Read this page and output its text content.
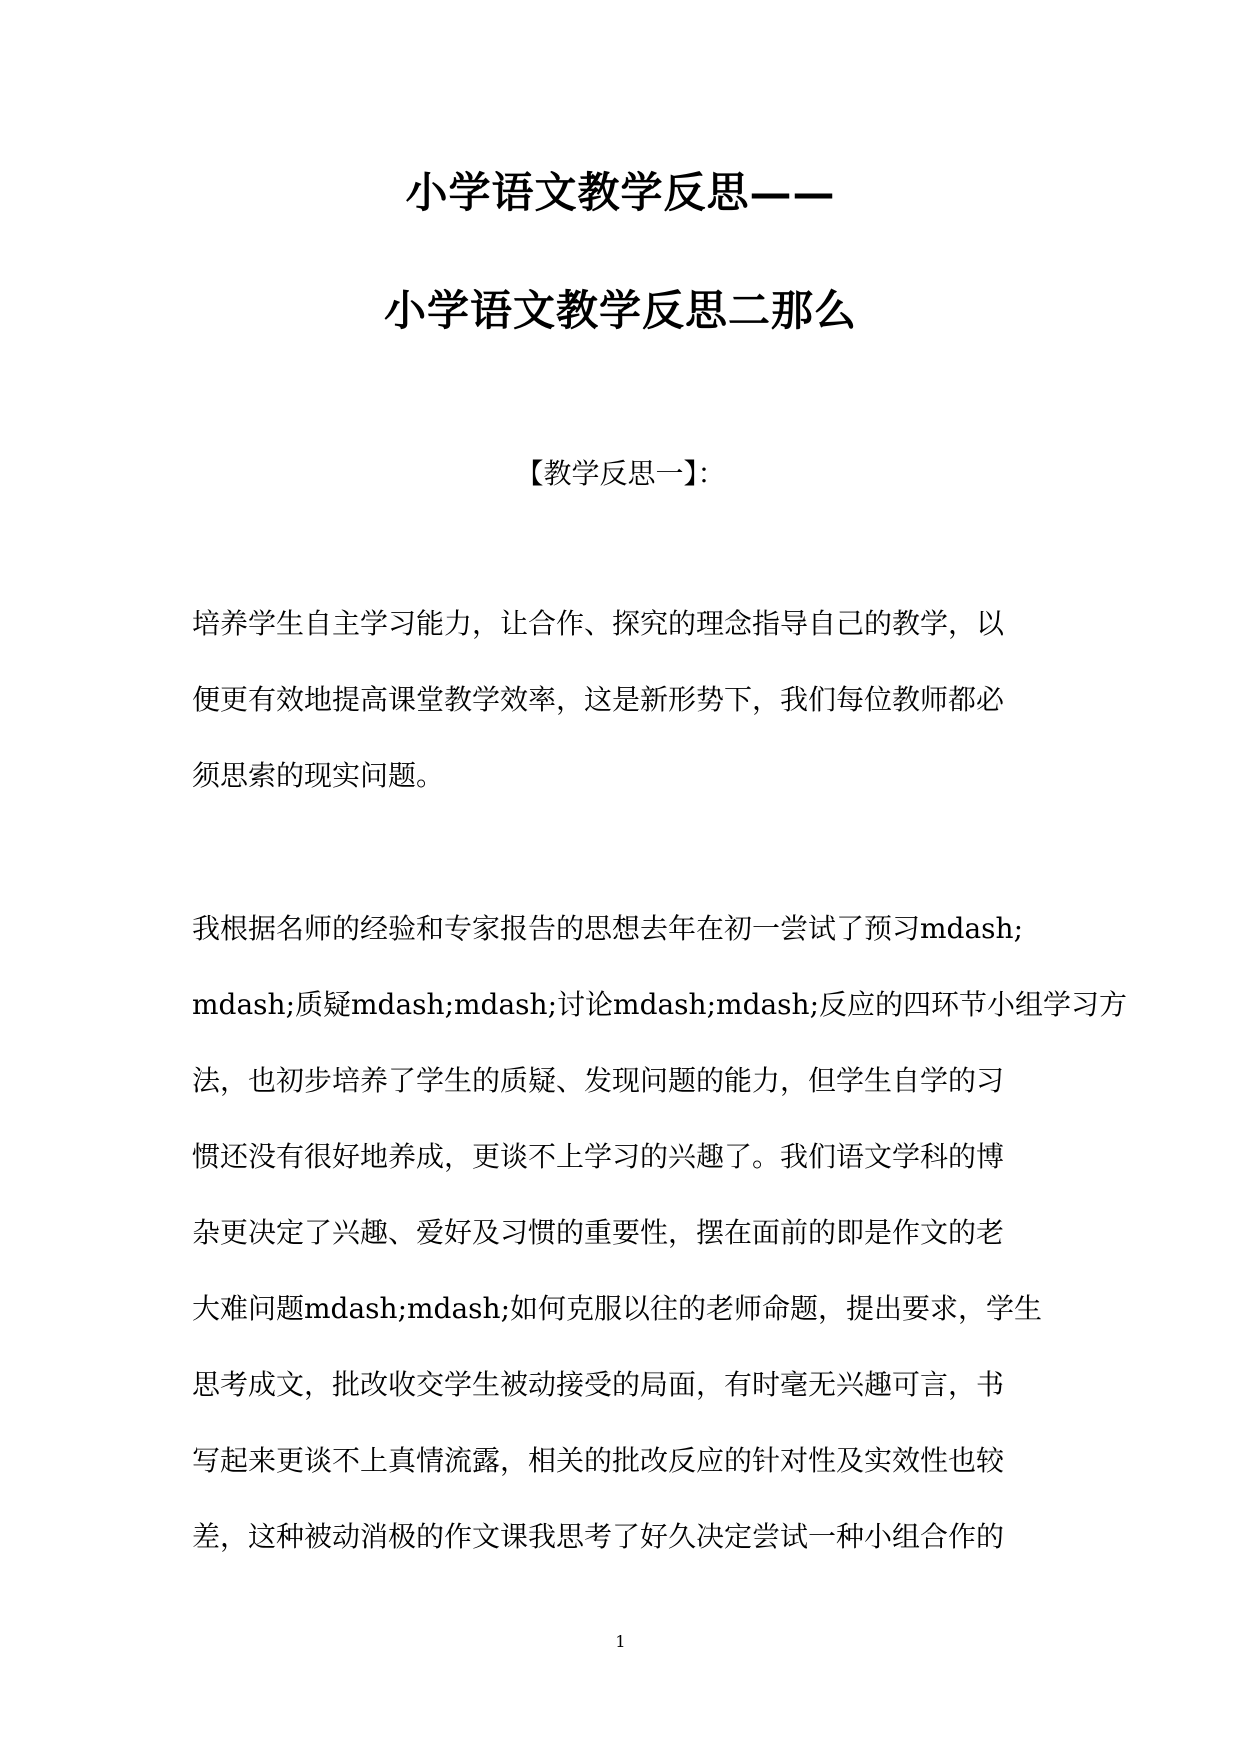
小学语文教学反思——
小学语文教学反思二那么
【教学反思一】：
培养学生自主学习能力，让合作、探究的理念指导自己的教学，以
便更有效地提高课堂教学效率，这是新形势下，我们每位教师都必
须思索的现实问题。
我根据名师的经验和专家报告的思想去年在初一尝试了预习mdash;
mdash;质疑mdash;mdash;讨论mdash;mdash;反应的四环节小组学习方
法，也初步培养了学生的质疑、发现问题的能力，但学生自学的习
惯还没有很好地养成，更谈不上学习的兴趣了。我们语文学科的博
杂更决定了兴趣、爱好及习惯的重要性，摆在面前的即是作文的老
大难问题mdash;mdash;如何克服以往的老师命题，提出要求，学生
思考成文，批改收交学生被动接受的局面，有时毫无兴趣可言，书
写起来更谈不上真情流露，相关的批改反应的针对性及实效性也较
差，这种被动消极的作文课我思考了好久决定尝试一种小组合作的
1
